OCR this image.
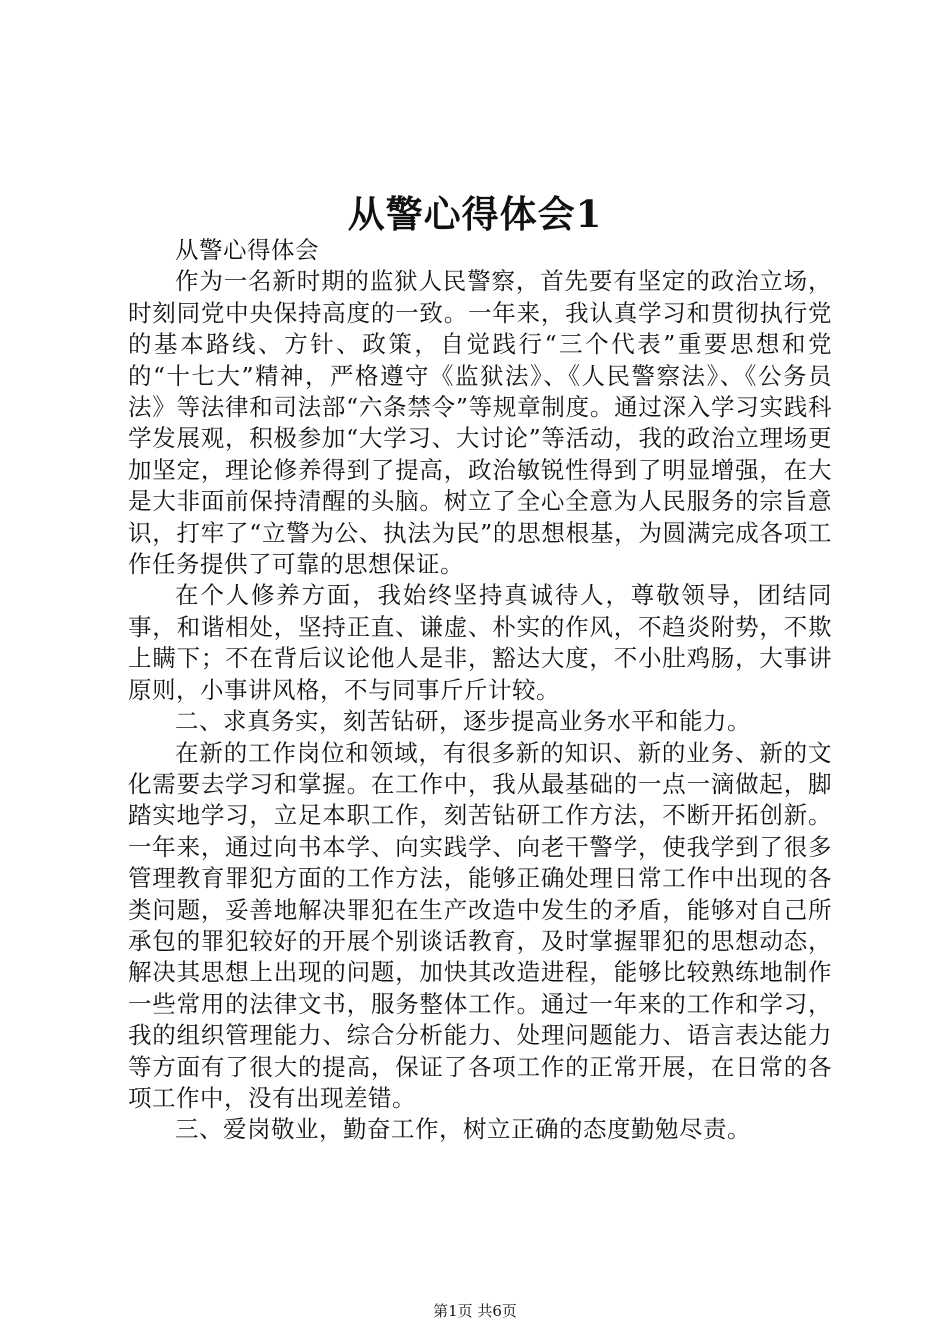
从警心得体会1

从警心得体会

作为一名新时期的监狱人民警察，首先要有坚定的政治立场，时刻同党中央保持高度的一致。一年来，我认真学习和贯彻执行党的基本路线、方针、政策，自觉践行“三个代表”重要思想和党的“十七大”精神，严格遵守《监狱法》、《人民警察法》、《公务员法》等法律和司法部“六条禁令”等规章制度。通过深入学习实践科学发展观，积极参加“大学习、大讨论”等活动，我的政治立理场更加坚定，理论修养得到了提高，政治敏锐性得到了明显增强，在大是大非面前保持清醒的头脑。树立了全心全意为人民服务的宗旨意识，打牢了“立警为公、执法为民”的思想根基，为圆满完成各项工作任务提供了可靠的思想保证。

在个人修养方面，我始终坚持真诚待人，尊敬领导，团结同事，和谐相处，坚持正直、谦虚、朴实的作风，不趋炎附势，不欺上瞒下；不在背后议论他人是非，豁达大度，不小肚鸡肠，大事讲原则，小事讲风格，不与同事斤斤计较。

二、求真务实，刻苦钻研，逐步提高业务水平和能力。

在新的工作岗位和领域，有很多新的知识、新的业务、新的文化需要去学习和掌握。在工作中，我从最基础的一点一滴做起，脚踏实地学习，立足本职工作，刻苦钻研工作方法，不断开拓创新。一年来，通过向书本学、向实践学、向老干警学，使我学到了很多管理教育罪犯方面的工作方法，能够正确处理日常工作中出现的各类问题，妥善地解决罪犯在生产改造中发生的矛盾，能够对自己所承包的罪犯较好的开展个别谈话教育，及时掌握罪犯的思想动态，解决其思想上出现的问题，加快其改造进程，能够比较熟练地制作一些常用的法律文书，服务整体工作。通过一年来的工作和学习，我的组织管理能力、综合分析能力、处理问题能力、语言表达能力等方面有了很大的提高，保证了各项工作的正常开展，在日常的各项工作中，没有出现差错。

三、爱岗敬业，勤奋工作，树立正确的态度勤勉尽责。

第1页 共6页
